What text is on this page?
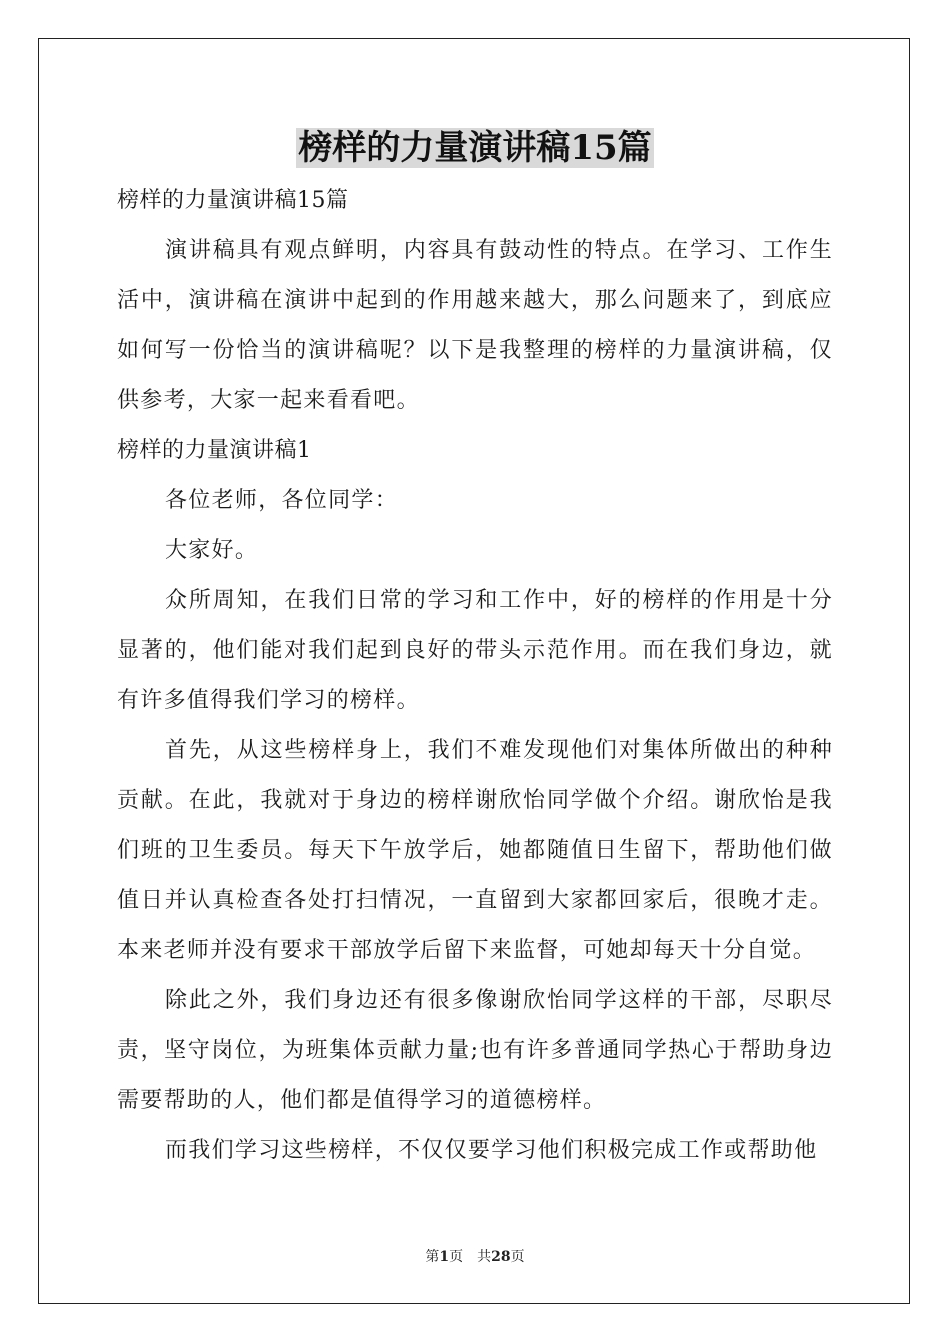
榜样的力量演讲稿15篇

榜样的力量演讲稿15篇

演讲稿具有观点鲜明，内容具有鼓动性的特点。在学习、工作生活中，演讲稿在演讲中起到的作用越来越大，那么问题来了，到底应如何写一份恰当的演讲稿呢？以下是我整理的榜样的力量演讲稿，仅供参考，大家一起来看看吧。

榜样的力量演讲稿1

各位老师，各位同学：

大家好。

众所周知，在我们日常的学习和工作中，好的榜样的作用是十分显著的，他们能对我们起到良好的带头示范作用。而在我们身边，就有许多值得我们学习的榜样。

首先，从这些榜样身上，我们不难发现他们对集体所做出的种种贡献。在此，我就对于身边的榜样谢欣怡同学做个介绍。谢欣怡是我们班的卫生委员。每天下午放学后，她都随值日生留下，帮助他们做值日并认真检查各处打扫情况，一直留到大家都回家后，很晚才走。本来老师并没有要求干部放学后留下来监督，可她却每天十分自觉。

除此之外，我们身边还有很多像谢欣怡同学这样的干部，尽职尽责，坚守岗位，为班集体贡献力量;也有许多普通同学热心于帮助身边需要帮助的人，他们都是值得学习的道德榜样。

而我们学习这些榜样，不仅仅要学习他们积极完成工作或帮助他

第1页　共28页
